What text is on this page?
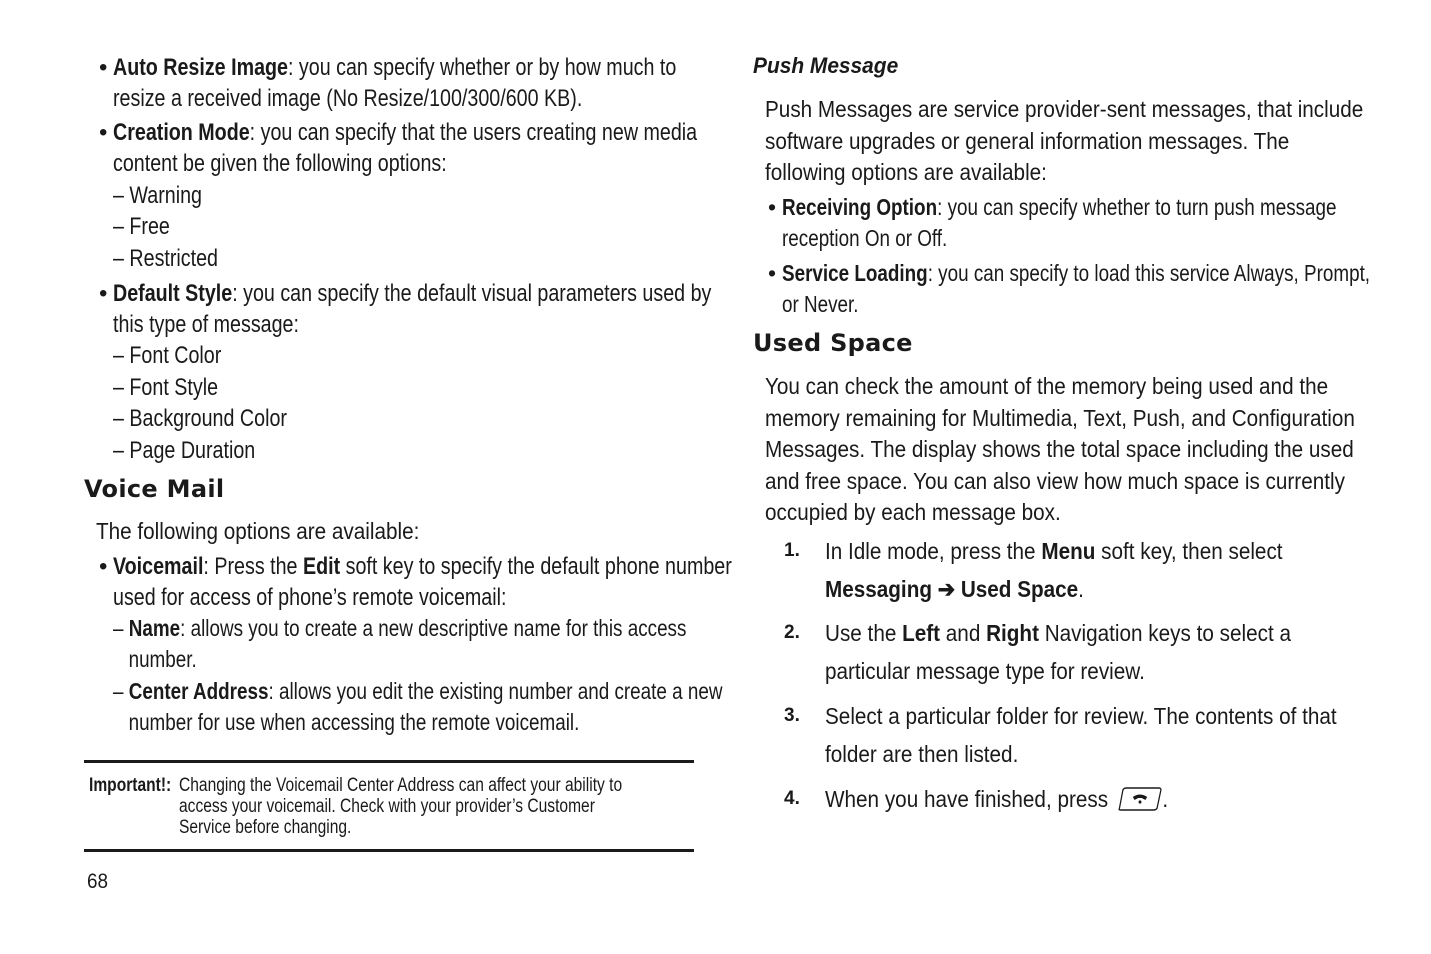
• Auto Resize Image: you can specify whether or by how much to
resize a received image (No Resize/100/300/600 KB).
• Creation Mode: you can specify that the users creating new media
content be given the following options:
– Warning
– Free
– Restricted
• Default Style: you can specify the default visual parameters used by
this type of message:
– Font Color
– Font Style
– Background Color
– Page Duration
Voice Mail
The following options are available:
• Voicemail: Press the Edit soft key to specify the default phone number
used for access of phone’s remote voicemail:
– Name: allows you to create a new descriptive name for this access
number.
– Center Address: allows you edit the existing number and create a new
number for use when accessing the remote voicemail.
Important!: Changing the Voicemail Center Address can affect your ability to
access your voicemail. Check with your provider’s Customer
Service before changing.
68
Push Message
Push Messages are service provider-sent messages, that include
software upgrades or general information messages. The
following options are available:
• Receiving Option: you can specify whether to turn push message
reception On or Off.
• Service Loading: you can specify to load this service Always, Prompt,
or Never.
Used Space
You can check the amount of the memory being used and the
memory remaining for Multimedia, Text, Push, and Configuration
Messages. The display shows the total space including the used
and free space. You can also view how much space is currently
occupied by each message box.
1. In Idle mode, press the Menu soft key, then select
Messaging ➔ Used Space.
2. Use the Left and Right Navigation keys to select a
particular message type for review.
3. Select a particular folder for review. The contents of that
folder are then listed.
4. When you have finished, press .
